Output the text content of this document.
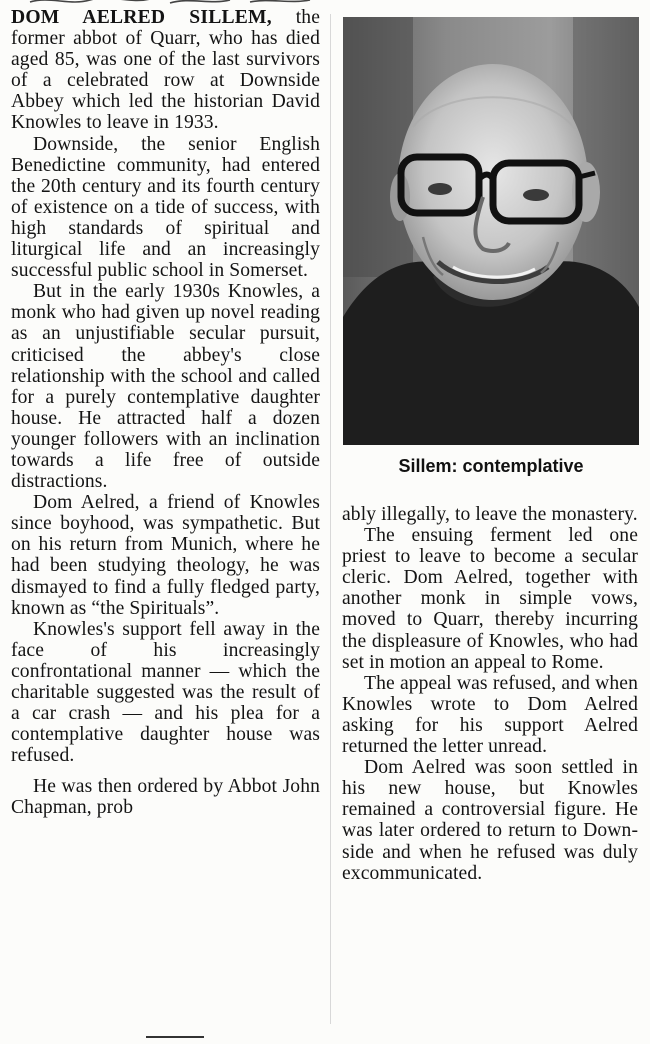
DOM AELRED SILLEM, the former abbot of Quarr, who has died aged 85, was one of the last survivors of a celebrated row at Downside Abbey which led the historian David Knowles to leave in 1933.

Downside, the senior English Benedictine community, had entered the 20th century and its fourth century of existence on a tide of success, with high standards of spiritual and liturgical life and an increasingly successful public school in Somerset.

But in the early 1930s Knowles, a monk who had given up novel reading as an unjustifiable secular pursuit, criticised the abbey's close relationship with the school and called for a purely contemplative daughter house. He attracted half a dozen younger followers with an inclination towards a life free of outside distractions.

Dom Aelred, a friend of Knowles since boyhood, was sympathetic. But on his return from Munich, where he had been studying theology, he was dismayed to find a fully fledged party, known as “the Spirituals”.

Knowles's support fell away in the face of his increasingly confrontational manner — which the charitable suggested was the result of a car crash — and his plea for a contemplative daughter house was refused.

He was then ordered by Abbot John Chapman, prob

Sillem: contemplative

ably illegally, to leave the monastery.

The ensuing ferment led one priest to leave to become a secular cleric. Dom Aelred, together with another monk in simple vows, moved to Quarr, thereby incurring the displeasure of Knowles, who had set in motion an appeal to Rome.

The appeal was refused, and when Knowles wrote to Dom Aelred asking for his support Aelred returned the letter unread.

Dom Aelred was soon settled in his new house, but Knowles remained a controversial figure. He was later ordered to return to Downside and when he refused was duly excommunicated.
